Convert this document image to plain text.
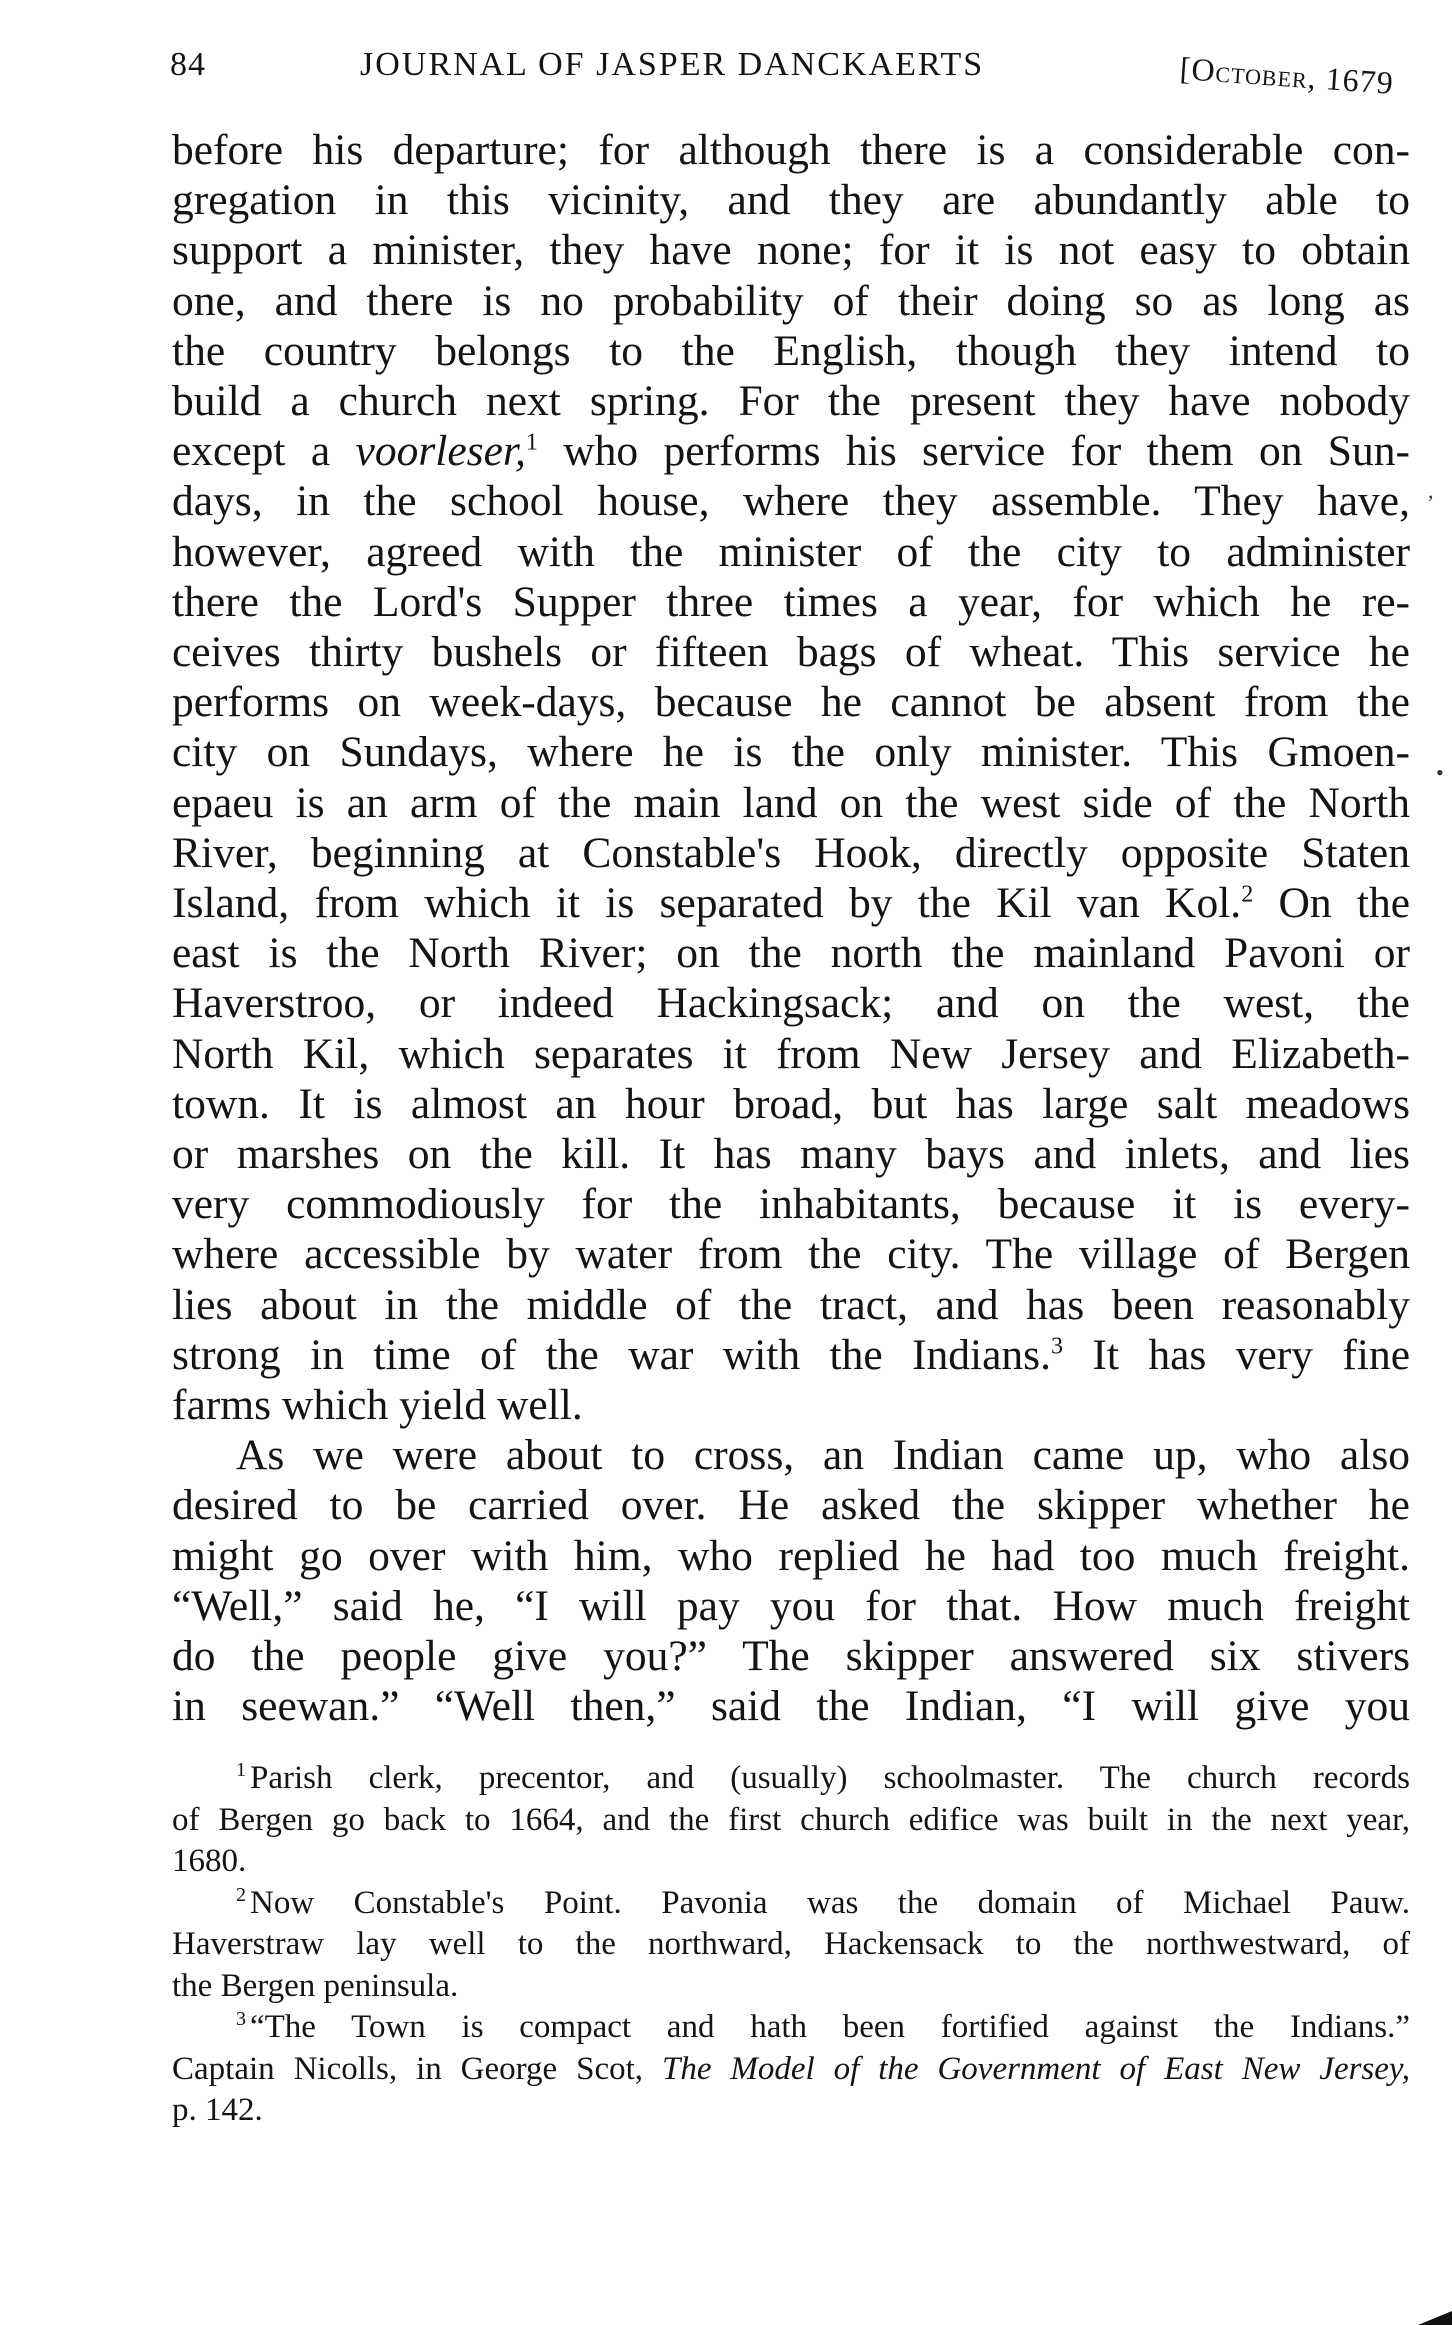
84	JOURNAL OF JASPER DANCKAERTS	[October, 1679
before his departure; for although there is a considerable con-
gregation in this vicinity, and they are abundantly able to
support a minister, they have none; for it is not easy to obtain
one, and there is no probability of their doing so as long as
the country belongs to the English, though they intend to
build a church next spring. For the present they have nobody
except a voorleser,$^1$ who performs his service for them on Sun-
days, in the school house, where they assemble. They have,
however, agreed with the minister of the city to administer
there the Lord's Supper three times a year, for which he re-
ceives thirty bushels or fifteen bags of wheat. This service he
performs on week-days, because he cannot be absent from the
city on Sundays, where he is the only minister. This Gmoen-
epaeu is an arm of the main land on the west side of the North
River, beginning at Constable's Hook, directly opposite Staten
Island, from which it is separated by the Kil van Kol.$^2$ On the
east is the North River; on the north the mainland Pavoni or
Haverstroo, or indeed Hackingsack; and on the west, the
North Kil, which separates it from New Jersey and Elizabeth-
town. It is almost an hour broad, but has large salt meadows
or marshes on the kill. It has many bays and inlets, and lies
very commodiously for the inhabitants, because it is every-
where accessible by water from the city. The village of Bergen
lies about in the middle of the tract, and has been reasonably
strong in time of the war with the Indians.$^3$ It has very fine
farms which yield well.
As we were about to cross, an Indian came up, who also
desired to be carried over. He asked the skipper whether he
might go over with him, who replied he had too much freight.
“Well,” said he, “I will pay you for that. How much freight
do the people give you?” The skipper answered six stivers
in seewan.” “Well then,” said the Indian, “I will give you
$^1$ Parish clerk, precentor, and (usually) schoolmaster. The church records
of Bergen go back to 1664, and the first church edifice was built in the next year,
1680.
$^2$ Now Constable's Point. Pavonia was the domain of Michael Pauw.
Haverstraw lay well to the northward, Hackensack to the northwestward, of
the Bergen peninsula.
$^3$ “The Town is compact and hath been fortified against the Indians.”
Captain Nicolls, in George Scot, The Model of the Government of East New Jersey,
p. 142.
,
•
